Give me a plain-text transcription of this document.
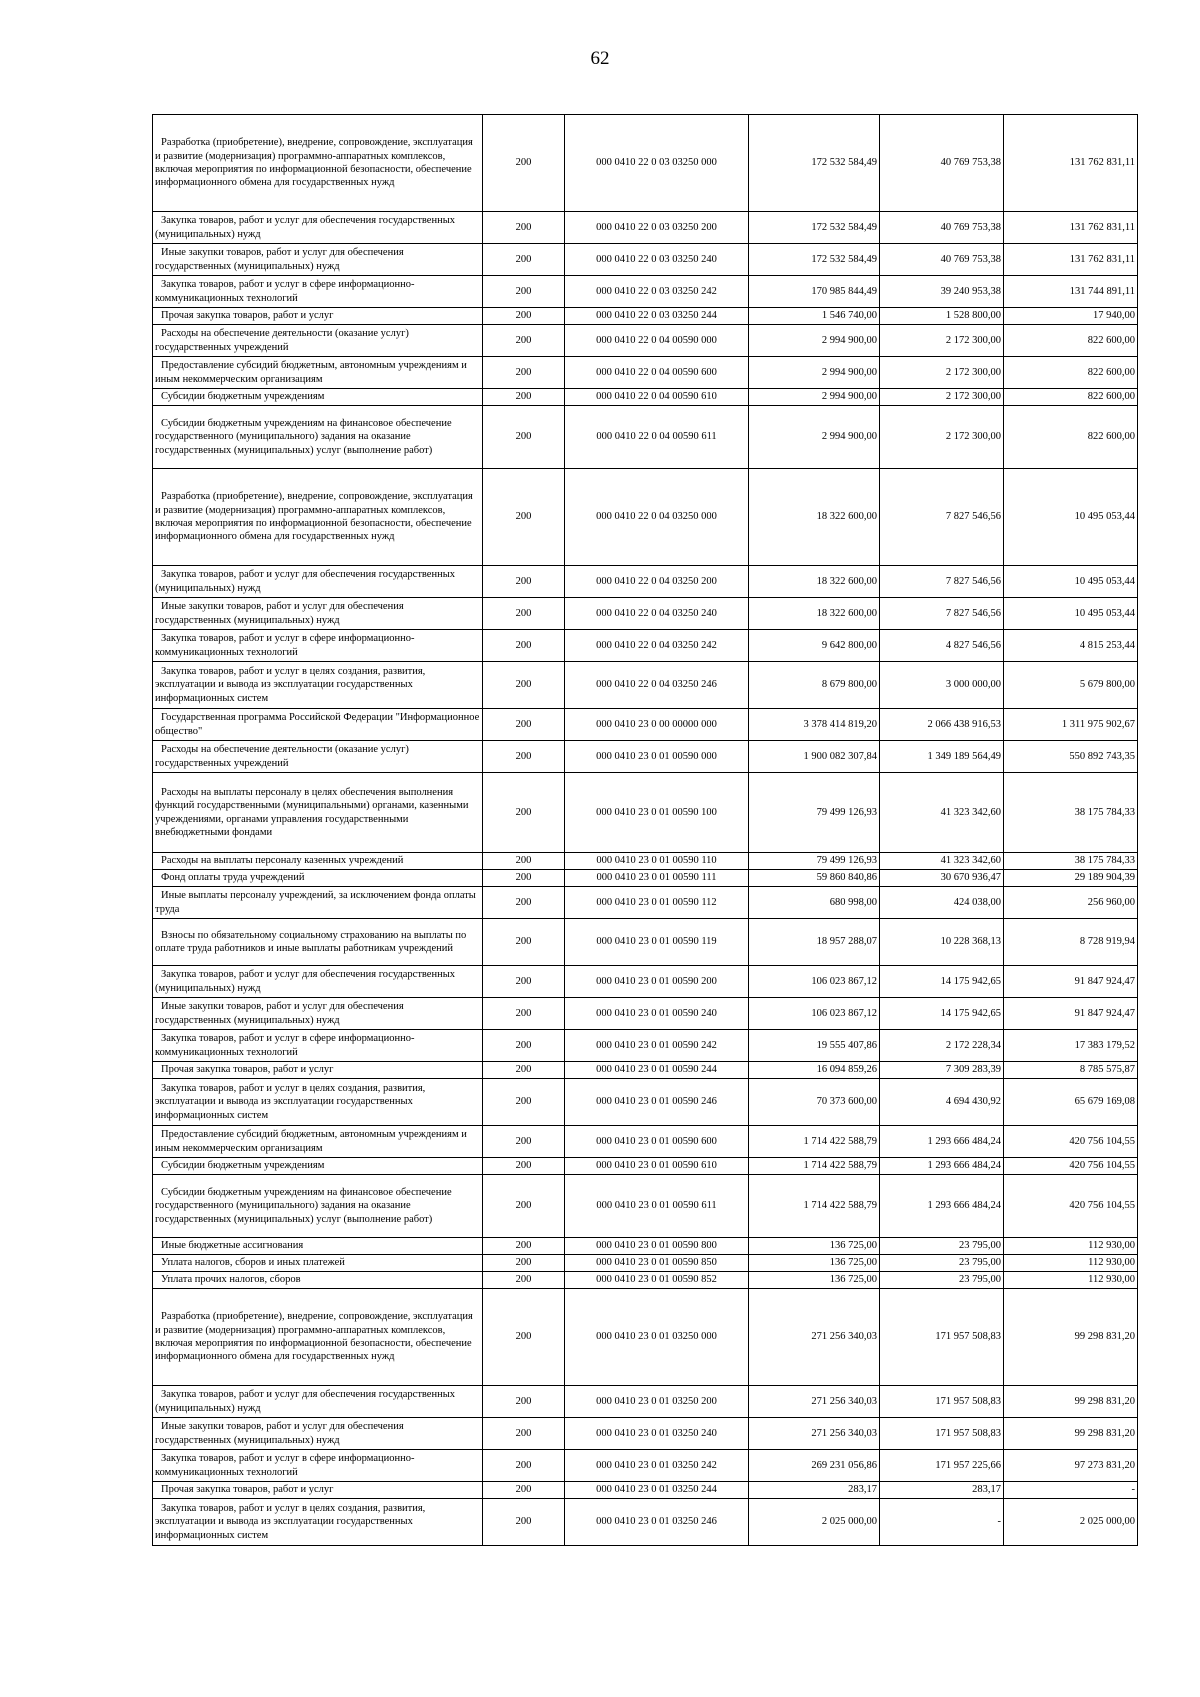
62
Разработка (приобретение), внедрение, сопровождение, эксплуатация и развитие (модернизация) программно-аппаратных комплексов, включая мероприятия по информационной безопасности, обеспечение информационного обмена для государственных нужд	200	000 0410 22 0 03 03250 000	172 532 584,49	40 769 753,38	131 762 831,11

Закупка товаров, работ и услуг для обеспечения государственных (муниципальных) нужд	200	000 0410 22 0 03 03250 200	172 532 584,49	40 769 753,38	131 762 831,11

Иные закупки товаров, работ и услуг для обеспечения государственных (муниципальных) нужд	200	000 0410 22 0 03 03250 240	172 532 584,49	40 769 753,38	131 762 831,11

Закупка товаров, работ и услуг в сфере информационно-коммуникационных технологий	200	000 0410 22 0 03 03250 242	170 985 844,49	39 240 953,38	131 744 891,11

Прочая закупка товаров, работ и услуг	200	000 0410 22 0 03 03250 244	1 546 740,00	1 528 800,00	17 940,00

Расходы на обеспечение деятельности (оказание услуг) государственных учреждений	200	000 0410 22 0 04 00590 000	2 994 900,00	2 172 300,00	822 600,00

Предоставление субсидий бюджетным, автономным учреждениям и иным некоммерческим организациям	200	000 0410 22 0 04 00590 600	2 994 900,00	2 172 300,00	822 600,00

Субсидии бюджетным учреждениям	200	000 0410 22 0 04 00590 610	2 994 900,00	2 172 300,00	822 600,00

Субсидии бюджетным учреждениям на финансовое обеспечение государственного (муниципального) задания на оказание государственных (муниципальных) услуг (выполнение работ)	200	000 0410 22 0 04 00590 611	2 994 900,00	2 172 300,00	822 600,00

Разработка (приобретение), внедрение, сопровождение, эксплуатация и развитие (модернизация) программно-аппаратных комплексов, включая мероприятия по информационной безопасности, обеспечение информационного обмена для государственных нужд	200	000 0410 22 0 04 03250 000	18 322 600,00	7 827 546,56	10 495 053,44

Закупка товаров, работ и услуг для обеспечения государственных (муниципальных) нужд	200	000 0410 22 0 04 03250 200	18 322 600,00	7 827 546,56	10 495 053,44

Иные закупки товаров, работ и услуг для обеспечения государственных (муниципальных) нужд	200	000 0410 22 0 04 03250 240	18 322 600,00	7 827 546,56	10 495 053,44

Закупка товаров, работ и услуг в сфере информационно-коммуникационных технологий	200	000 0410 22 0 04 03250 242	9 642 800,00	4 827 546,56	4 815 253,44

Закупка товаров, работ и услуг в целях создания, развития, эксплуатации и вывода из эксплуатации государственных информационных систем	200	000 0410 22 0 04 03250 246	8 679 800,00	3 000 000,00	5 679 800,00

Государственная программа Российской Федерации "Информационное общество"	200	000 0410 23 0 00 00000 000	3 378 414 819,20	2 066 438 916,53	1 311 975 902,67

Расходы на обеспечение деятельности (оказание услуг) государственных учреждений	200	000 0410 23 0 01 00590 000	1 900 082 307,84	1 349 189 564,49	550 892 743,35

Расходы на выплаты персоналу в целях обеспечения выполнения функций государственными (муниципальными) органами, казенными учреждениями, органами управления государственными внебюджетными фондами	200	000 0410 23 0 01 00590 100	79 499 126,93	41 323 342,60	38 175 784,33

Расходы на выплаты персоналу казенных учреждений	200	000 0410 23 0 01 00590 110	79 499 126,93	41 323 342,60	38 175 784,33

Фонд оплаты труда учреждений	200	000 0410 23 0 01 00590 111	59 860 840,86	30 670 936,47	29 189 904,39

Иные выплаты персоналу учреждений, за исключением фонда оплаты труда	200	000 0410 23 0 01 00590 112	680 998,00	424 038,00	256 960,00

Взносы по обязательному социальному страхованию на выплаты по оплате труда работников и иные выплаты работникам учреждений	200	000 0410 23 0 01 00590 119	18 957 288,07	10 228 368,13	8 728 919,94

Закупка товаров, работ и услуг для обеспечения государственных (муниципальных) нужд	200	000 0410 23 0 01 00590 200	106 023 867,12	14 175 942,65	91 847 924,47

Иные закупки товаров, работ и услуг для обеспечения государственных (муниципальных) нужд	200	000 0410 23 0 01 00590 240	106 023 867,12	14 175 942,65	91 847 924,47

Закупка товаров, работ и услуг в сфере информационно-коммуникационных технологий	200	000 0410 23 0 01 00590 242	19 555 407,86	2 172 228,34	17 383 179,52

Прочая закупка товаров, работ и услуг	200	000 0410 23 0 01 00590 244	16 094 859,26	7 309 283,39	8 785 575,87

Закупка товаров, работ и услуг в целях создания, развития, эксплуатации и вывода из эксплуатации государственных информационных систем	200	000 0410 23 0 01 00590 246	70 373 600,00	4 694 430,92	65 679 169,08

Предоставление субсидий бюджетным, автономным учреждениям и иным некоммерческим организациям	200	000 0410 23 0 01 00590 600	1 714 422 588,79	1 293 666 484,24	420 756 104,55

Субсидии бюджетным учреждениям	200	000 0410 23 0 01 00590 610	1 714 422 588,79	1 293 666 484,24	420 756 104,55

Субсидии бюджетным учреждениям на финансовое обеспечение государственного (муниципального) задания на оказание государственных (муниципальных) услуг (выполнение работ)	200	000 0410 23 0 01 00590 611	1 714 422 588,79	1 293 666 484,24	420 756 104,55

Иные бюджетные ассигнования	200	000 0410 23 0 01 00590 800	136 725,00	23 795,00	112 930,00

Уплата налогов, сборов и иных платежей	200	000 0410 23 0 01 00590 850	136 725,00	23 795,00	112 930,00

Уплата прочих налогов, сборов	200	000 0410 23 0 01 00590 852	136 725,00	23 795,00	112 930,00

Разработка (приобретение), внедрение, сопровождение, эксплуатация и развитие (модернизация) программно-аппаратных комплексов, включая мероприятия по информационной безопасности, обеспечение информационного обмена для государственных нужд	200	000 0410 23 0 01 03250 000	271 256 340,03	171 957 508,83	99 298 831,20

Закупка товаров, работ и услуг для обеспечения государственных (муниципальных) нужд	200	000 0410 23 0 01 03250 200	271 256 340,03	171 957 508,83	99 298 831,20

Иные закупки товаров, работ и услуг для обеспечения государственных (муниципальных) нужд	200	000 0410 23 0 01 03250 240	271 256 340,03	171 957 508,83	99 298 831,20

Закупка товаров, работ и услуг в сфере информационно-коммуникационных технологий	200	000 0410 23 0 01 03250 242	269 231 056,86	171 957 225,66	97 273 831,20

Прочая закупка товаров, работ и услуг	200	000 0410 23 0 01 03250 244	283,17	283,17	-

Закупка товаров, работ и услуг в целях создания, развития, эксплуатации и вывода из эксплуатации государственных информационных систем	200	000 0410 23 0 01 03250 246	2 025 000,00	-	2 025 000,00
